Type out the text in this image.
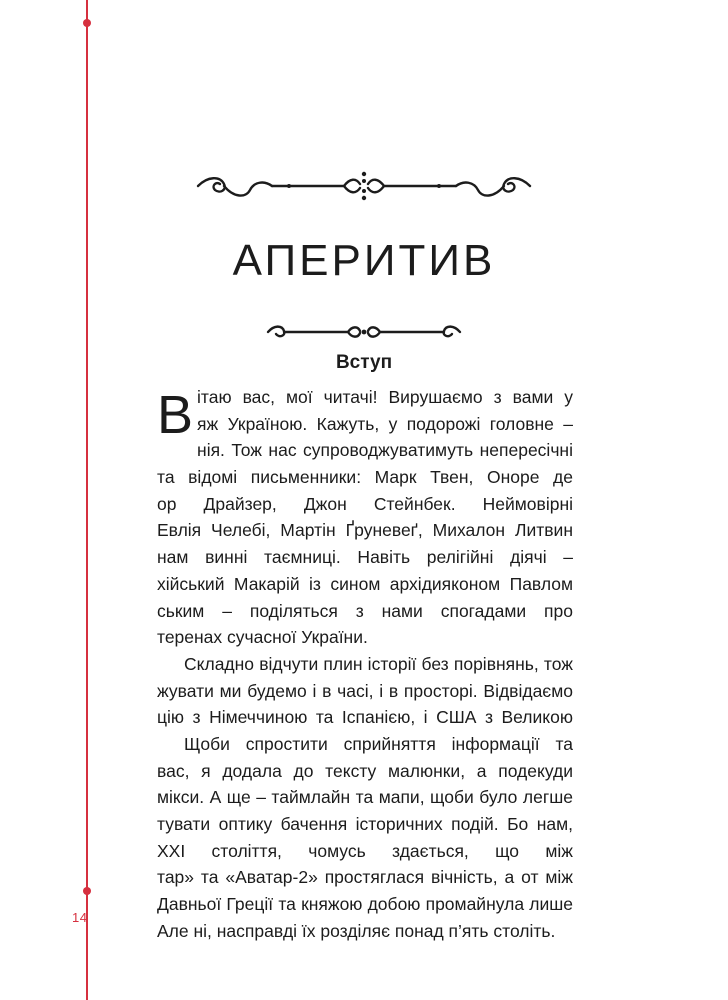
14
АПЕРИТИВ
Вступ

В ітаю вас, мої читачі! Вирушаємо з вами у
яж Україною. Кажуть, у подорожі головне –
нія. Тож нас супроводжуватимуть непересічні
та відомі письменники: Марк Твен, Оноре де
ор Драйзер, Джон Стейнбек. Неймовірні
Евлія Челебі, Мартін Ґруневеґ, Михалон Литвин
нам винні таємниці. Навіть релігійні діячі –
хійський Макарій із сином архідияконом Павлом
ським – поділяться з нами спогадами про
теренах сучасної України.

Складно відчути плин історії без порівнянь, тож
жувати ми будемо і в часі, і в просторі. Відвідаємо
цію з Німеччиною та Іспанією, і США з Великою

Щоби спростити сприйняття інформації та
вас, я додала до тексту малюнки, а подекуди
мікси. А ще – таймлайн та мапи, щоби було легше
тувати оптику бачення історичних подій. Бо нам,
XXI століття, чомусь здається, що між
тар» та «Аватар-2» простяглася вічність, а от між
Давньої Греції та княжою добою промайнула лише
Але ні, насправді їх розділяє понад п’ять століть.
